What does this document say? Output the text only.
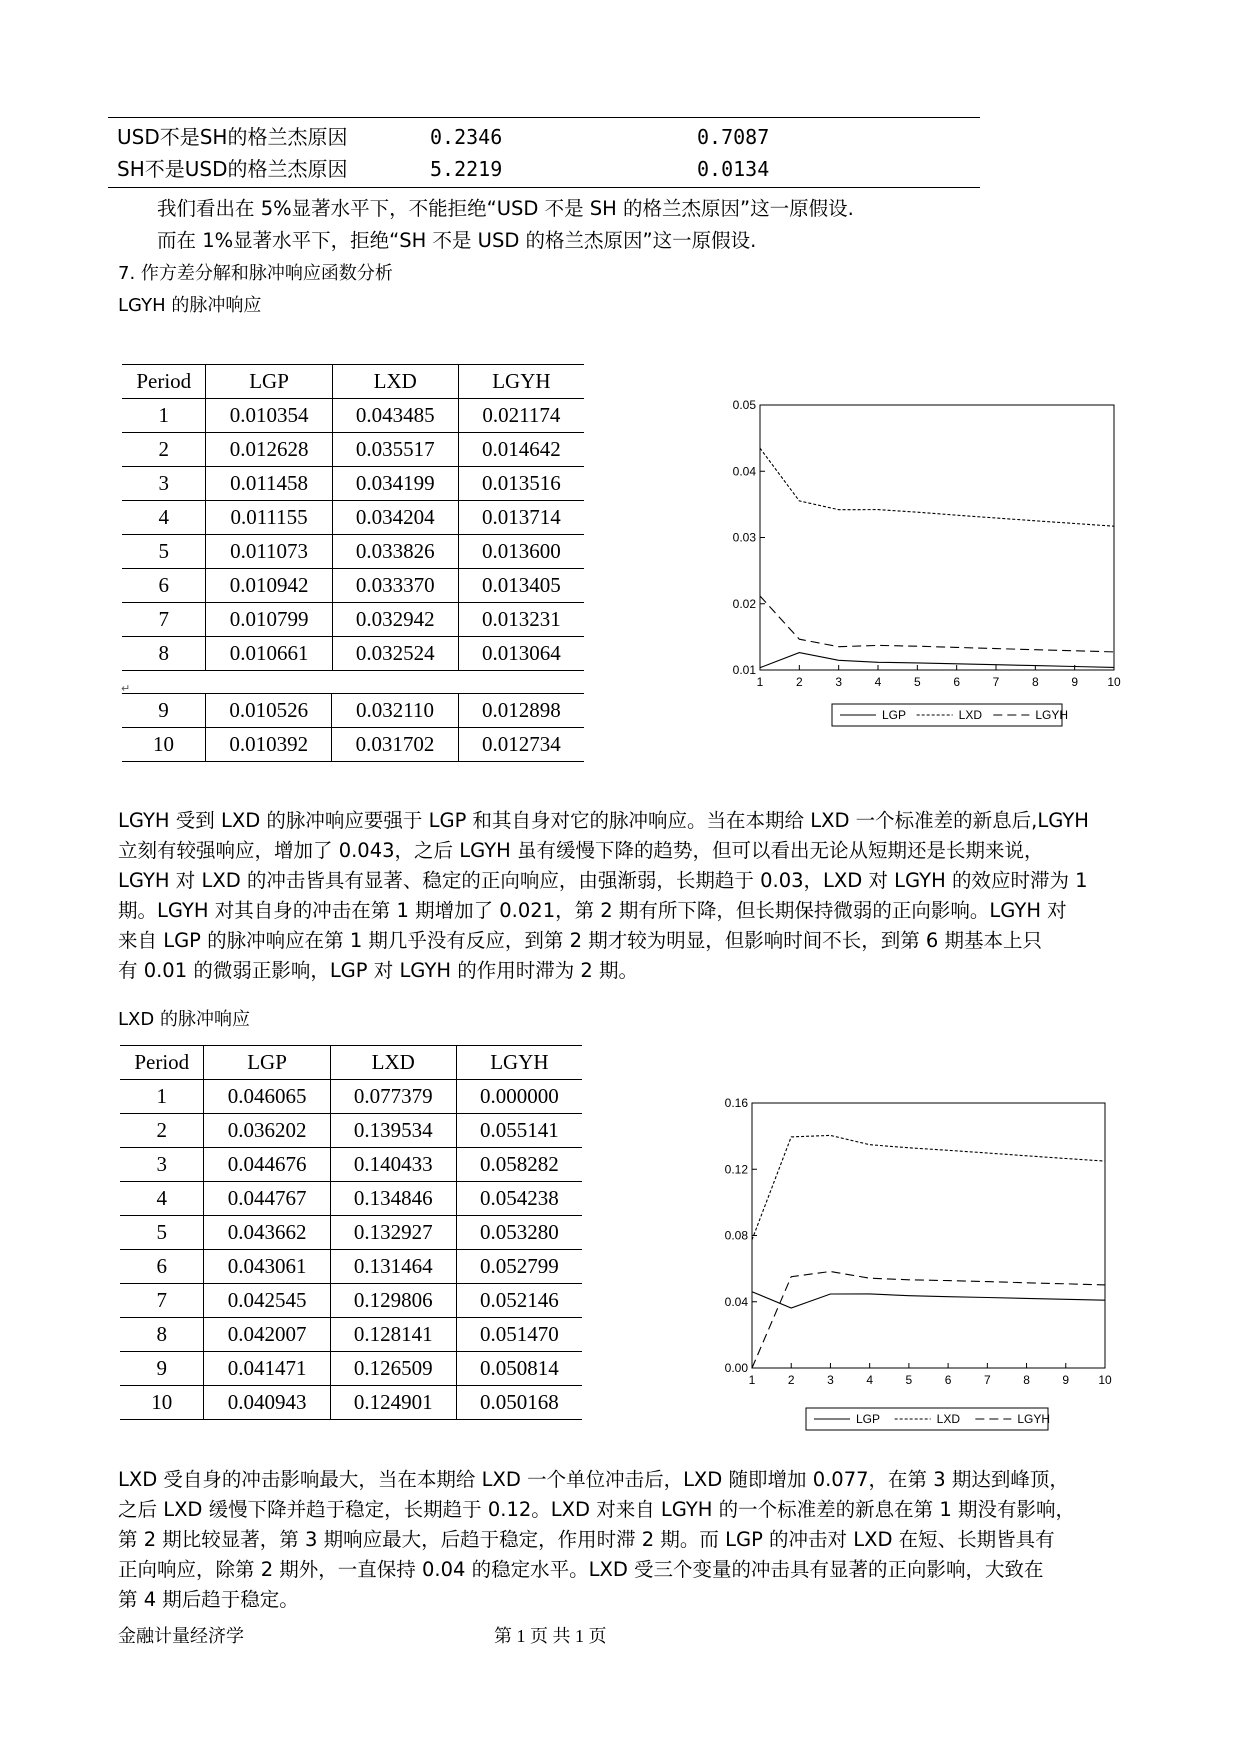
USD不是SH的格兰杰原因	0.2346	0.7087
SH不是USD的格兰杰原因	5.2219	0.0134
我们看出在 5%显著水平下，不能拒绝“USD 不是 SH 的格兰杰原因”这一原假设.
而在 1%显著水平下，拒绝“SH 不是 USD 的格兰杰原因”这一原假设.
7. 作方差分解和脉冲响应函数分析
LGYH 的脉冲响应
Period	LGP	LXD	LGYH
1	0.010354	0.043485	0.021174
2	0.012628	0.035517	0.014642
3	0.011458	0.034199	0.013516
4	0.011155	0.034204	0.013714
5	0.011073	0.033826	0.013600
6	0.010942	0.033370	0.013405
7	0.010799	0.032942	0.013231
8	0.010661	0.032524	0.013064
↵
9	0.010526	0.032110	0.012898
10	0.010392	0.031702	0.012734
0.01
0.02
0.03
0.04
0.05
1	2	3	4	5	6	7	8	9 10
LGP	LXD	LGYH
LGYH 受到 LXD 的脉冲响应要强于 LGP 和其自身对它的脉冲响应。当在本期给 LXD 一个标准差的新息后,LGYH
立刻有较强响应，增加了 0.043，之后 LGYH 虽有缓慢下降的趋势，但可以看出无论从短期还是长期来说，
LGYH 对 LXD 的冲击皆具有显著、稳定的正向响应，由强渐弱，长期趋于 0.03，LXD 对 LGYH 的效应时滞为 1
期。LGYH 对其自身的冲击在第 1 期增加了 0.021，第 2 期有所下降，但长期保持微弱的正向影响。LGYH 对
来自 LGP 的脉冲响应在第 1 期几乎没有反应，到第 2 期才较为明显，但影响时间不长，到第 6 期基本上只
有 0.01 的微弱正影响，LGP 对 LGYH 的作用时滞为 2 期。
LXD 的脉冲响应
Period	LGP	LXD	LGYH
1	0.046065	0.077379	0.000000
2	0.036202	0.139534	0.055141
3	0.044676	0.140433	0.058282
4	0.044767	0.134846	0.054238
5	0.043662	0.132927	0.053280
6	0.043061	0.131464	0.052799
7	0.042545	0.129806	0.052146
8	0.042007	0.128141	0.051470
9	0.041471	0.126509	0.050814
10	0.040943	0.124901	0.050168
0.00
0.04
0.08
0.12
0.16
1	2	3	4	5	6	7	8	9 10
LGP	LXD	LGYH
LXD 受自身的冲击影响最大，当在本期给 LXD 一个单位冲击后，LXD 随即增加 0.077，在第 3 期达到峰顶，
之后 LXD 缓慢下降并趋于稳定，长期趋于 0.12。LXD 对来自 LGYH 的一个标准差的新息在第 1 期没有影响，
第 2 期比较显著，第 3 期响应最大，后趋于稳定，作用时滞 2 期。而 LGP 的冲击对 LXD 在短、长期皆具有
正向响应，除第 2 期外，一直保持 0.04 的稳定水平。LXD 受三个变量的冲击具有显著的正向影响，大致在
第 4 期后趋于稳定。
金融计量经济学	第 1 页 共 1 页
